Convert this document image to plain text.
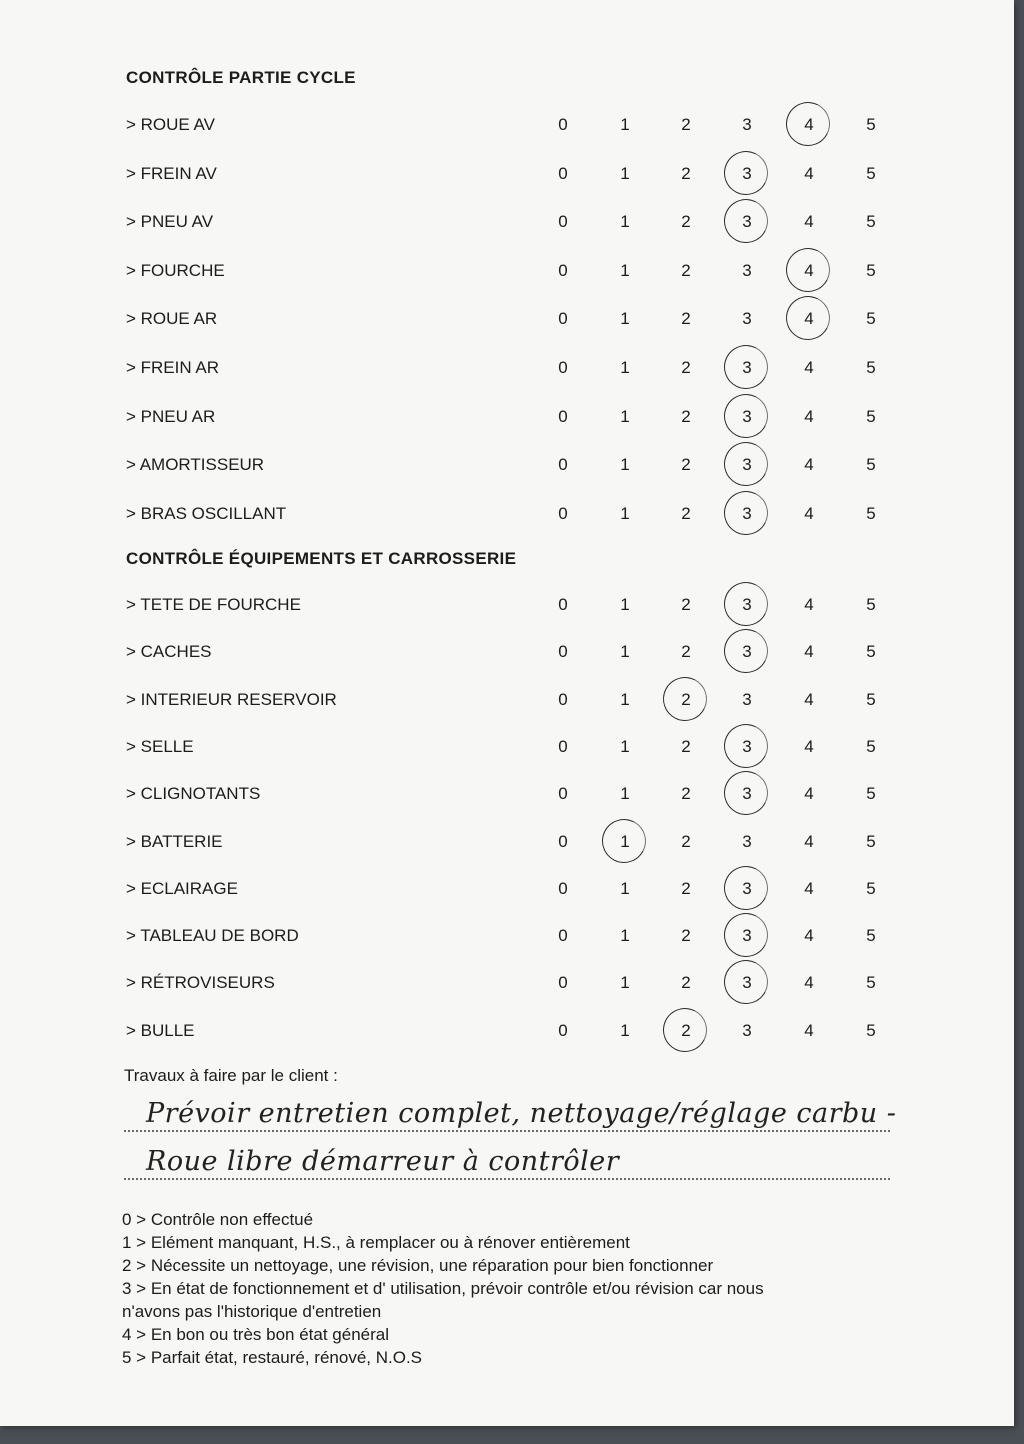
CONTRÔLE PARTIE CYCLE
> ROUE AV	0	1	2	3	4	5
> FREIN AV	0	1	2	3	4	5
> PNEU AV	0	1	2	3	4	5
> FOURCHE	0	1	2	3	4	5
> ROUE AR	0	1	2	3	4	5
> FREIN AR	0	1	2	3	4	5
> PNEU AR	0	1	2	3	4	5
> AMORTISSEUR	0	1	2	3	4	5
> BRAS OSCILLANT	0	1	2	3	4	5
CONTRÔLE ÉQUIPEMENTS ET CARROSSERIE
> TETE DE FOURCHE	0	1	2	3	4	5
> CACHES	0	1	2	3	4	5
> INTERIEUR RESERVOIR	0	1	2	3	4	5
> SELLE	0	1	2	3	4	5
> CLIGNOTANTS	0	1	2	3	4	5
> BATTERIE	0	1	2	3	4	5
> ECLAIRAGE	0	1	2	3	4	5
> TABLEAU DE BORD	0	1	2	3	4	5
> RÉTROVISEURS	0	1	2	3	4	5
> BULLE	0	1	2	3	4	5
Travaux à faire par le client :
Prévoir entretien complet, nettoyage/réglage carbu -
Roue libre démarreur à contrôler
0 > Contrôle non effectué
1 > Elément manquant, H.S., à remplacer ou à rénover entièrement
2 > Nécessite un nettoyage, une révision, une réparation pour bien fonctionner
3 > En état de fonctionnement et d' utilisation, prévoir contrôle et/ou révision car nous
n'avons pas l'historique d'entretien
4 > En bon ou très bon état général
5 > Parfait état, restauré, rénové, N.O.S
